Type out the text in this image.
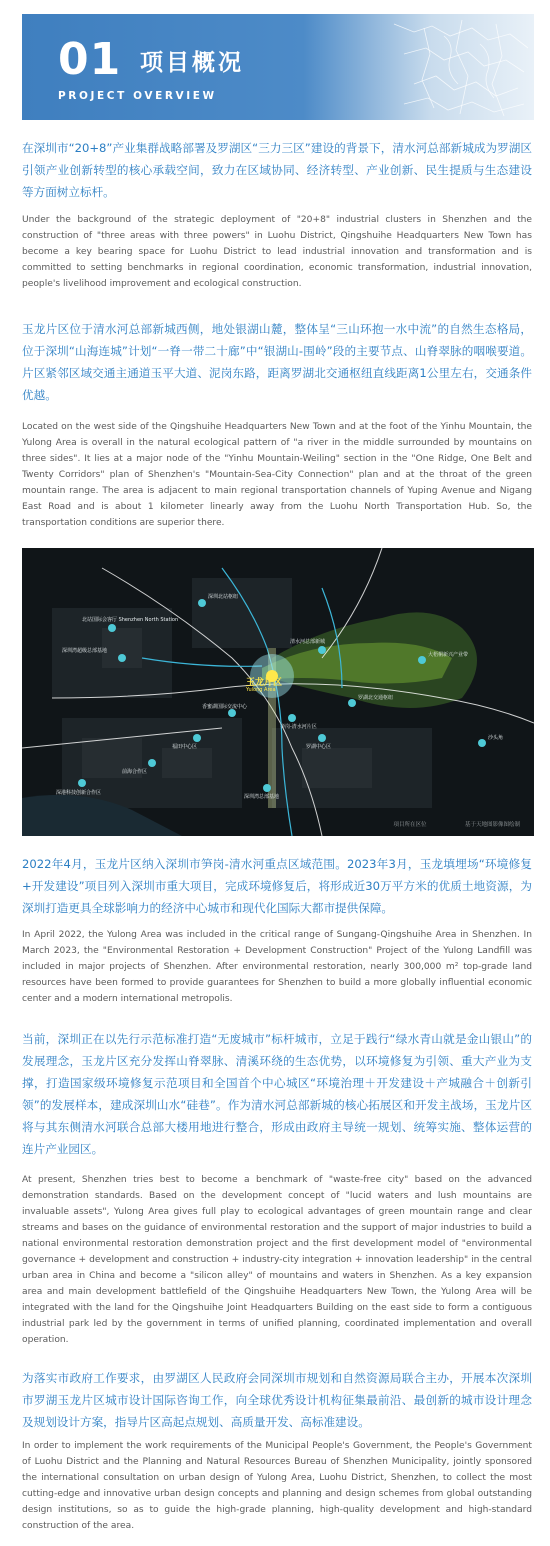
01 项目概况
PROJECT OVERVIEW

在深圳市“20+8”产业集群战略部署及罗湖区“三力三区”建设的背景下，清水河总部新城成为罗湖区引领产业创新转型的核心承载空间，致力在区域协同、经济转型、产业创新、民生提质与生态建设等方面树立标杆。

Under the background of the strategic deployment of "20+8" industrial clusters in Shenzhen and the construction of "three areas with three powers" in Luohu District, Qingshuihe Headquarters New Town has become a key bearing space for Luohu District to lead industrial innovation and transformation and is committed to setting benchmarks in regional coordination, economic transformation, industrial innovation, people's livelihood improvement and ecological construction.

玉龙片区位于清水河总部新城西侧，地处银湖山麓，整体呈“三山环抱一水中流”的自然生态格局，位于深圳“山海连城”计划“一脊一带二十廊”中“银湖山-围岭”段的主要节点、山脊翠脉的咽喉要道。片区紧邻区域交通主通道玉平大道、泥岗东路，距离罗湖北交通枢纽直线距离1公里左右，交通条件优越。

Located on the west side of the Qingshuihe Headquarters New Town and at the foot of the Yinhu Mountain, the Yulong Area is overall in the natural ecological pattern of "a river in the middle surrounded by mountains on three sides". It lies at a major node of the "Yinhu Mountain-Weiling" section in the "One Ridge, One Belt and Twenty Corridors" plan of Shenzhen's "Mountain-Sea-City Connection" plan and at the throat of the green mountain range. The area is adjacent to main regional transportation channels of Yuping Avenue and Nigang East Road and is about 1 kilometer linearly away from the Luohu North Transportation Hub. So, the transportation conditions are superior there.

深圳北站枢纽
北站国际会客厅 Shenzhen North Station
深圳湾超级总部基地
清水河总部新城
大梧桐新兴产业带
罗湖北交通枢纽
笋岗-清水河片区
香蜜湖国际交流中心
福田中心区	罗湖中心区
前海合作区
深港科技创新合作区
沙头角
深圳湾总部基地
玉龙片区
Yulong Area
项目所在区位　　　　　　　基于天地图影像图绘制

2022年4月，玉龙片区纳入深圳市笋岗-清水河重点区域范围。2023年3月，玉龙填埋场“环境修复+开发建设”项目列入深圳市重大项目，完成环境修复后，将形成近30万平方米的优质土地资源，为深圳打造更具全球影响力的经济中心城市和现代化国际大都市提供保障。

In April 2022, the Yulong Area was included in the critical range of Sungang-Qingshuihe Area in Shenzhen. In March 2023, the "Environmental Restoration + Development Construction" Project of the Yulong Landfill was included in major projects of Shenzhen. After environmental restoration, nearly 300,000 m² top-grade land resources have been formed to provide guarantees for Shenzhen to build a more globally influential economic center and a modern international metropolis.

当前，深圳正在以先行示范标准打造“无废城市”标杆城市，立足于践行“绿水青山就是金山银山”的发展理念，玉龙片区充分发挥山脊翠脉、清溪环绕的生态优势，以环境修复为引领、重大产业为支撑，打造国家级环境修复示范项目和全国首个中心城区“环境治理＋开发建设＋产城融合＋创新引领”的发展样本，建成深圳山水“硅巷”。作为清水河总部新城的核心拓展区和开发主战场，玉龙片区将与其东侧清水河联合总部大楼用地进行整合，形成由政府主导统一规划、统筹实施、整体运营的连片产业园区。

At present, Shenzhen tries best to become a benchmark of "waste-free city" based on the advanced demonstration standards. Based on the development concept of "lucid waters and lush mountains are invaluable assets", Yulong Area gives full play to ecological advantages of green mountain range and clear streams and bases on the guidance of environmental restoration and the support of major industries to build a national environmental restoration demonstration project and the first development model of "environmental governance + development and construction + industry-city integration + innovation leadership" in the central urban area in China and become a "silicon alley" of mountains and waters in Shenzhen. As a key expansion area and main development battlefield of the Qingshuihe Headquarters New Town, the Yulong Area will be integrated with the land for the Qingshuihe Joint Headquarters Building on the east side to form a contiguous industrial park led by the government in terms of unified planning, coordinated implementation and overall operation.

为落实市政府工作要求，由罗湖区人民政府会同深圳市规划和自然资源局联合主办，开展本次深圳市罗湖玉龙片区城市设计国际咨询工作，向全球优秀设计机构征集最前沿、最创新的城市设计理念及规划设计方案，指导片区高起点规划、高质量开发、高标准建设。

In order to implement the work requirements of the Municipal People's Government, the People's Government of Luohu District and the Planning and Natural Resources Bureau of Shenzhen Municipality, jointly sponsored the international consultation on urban design of Yulong Area, Luohu District, Shenzhen, to collect the most cutting-edge and innovative urban design concepts and planning and design schemes from global outstanding design institutions, so as to guide the high-grade planning, high-quality development and high-standard construction of the area.
